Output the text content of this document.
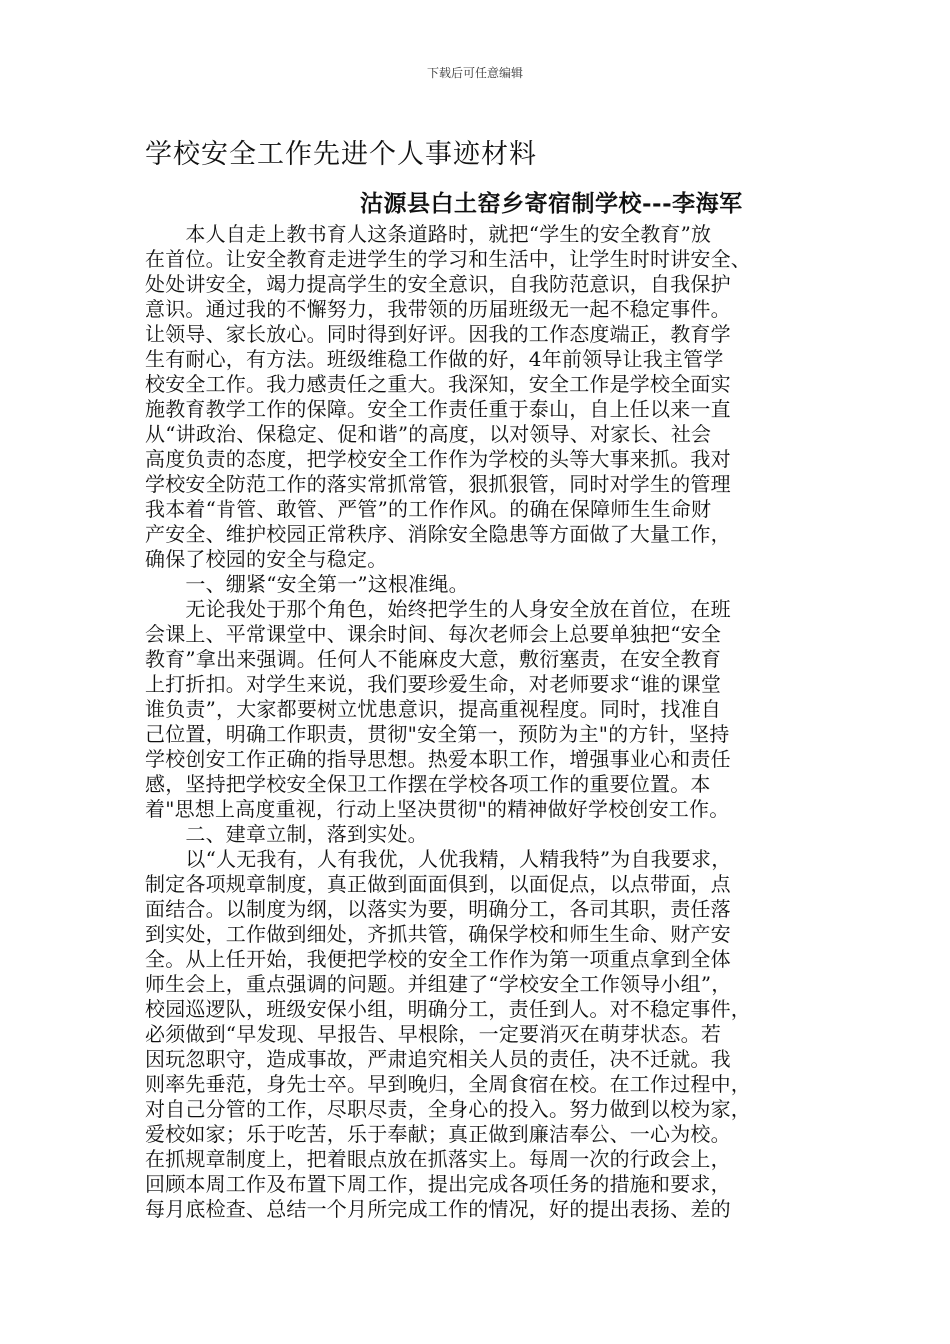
下载后可任意编辑
学校安全工作先进个人事迹材料
沽源县白土窑乡寄宿制学校---李海军
　　本人自走上教书育人这条道路时，就把“学生的安全教育”放
在首位。让安全教育走进学生的学习和生活中，让学生时时讲安全、
处处讲安全，竭力提高学生的安全意识，自我防范意识，自我保护
意识。通过我的不懈努力，我带领的历届班级无一起不稳定事件。
让领导、家长放心。同时得到好评。因我的工作态度端正，教育学
生有耐心，有方法。班级维稳工作做的好，4年前领导让我主管学
校安全工作。我力感责任之重大。我深知，安全工作是学校全面实
施教育教学工作的保障。安全工作责任重于泰山，自上任以来一直
从“讲政治、保稳定、促和谐”的高度，以对领导、对家长、社会
高度负责的态度，把学校安全工作作为学校的头等大事来抓。我对
学校安全防范工作的落实常抓常管，狠抓狠管，同时对学生的管理
我本着“肯管、敢管、严管”的工作作风。的确在保障师生生命财
产安全、维护校园正常秩序、消除安全隐患等方面做了大量工作，
确保了校园的安全与稳定。
　　一、绷紧“安全第一”这根准绳。
　　无论我处于那个角色，始终把学生的人身安全放在首位，在班
会课上、平常课堂中、课余时间、每次老师会上总要单独把“安全
教育”拿出来强调。任何人不能麻皮大意，敷衍塞责，在安全教育
上打折扣。对学生来说，我们要珍爱生命，对老师要求“谁的课堂
谁负责”，大家都要树立忧患意识，提高重视程度。同时，找准自
己位置，明确工作职责，贯彻"安全第一，预防为主"的方针，坚持
学校创安工作正确的指导思想。热爱本职工作，增强事业心和责任
感，坚持把学校安全保卫工作摆在学校各项工作的重要位置。本
着"思想上高度重视，行动上坚决贯彻"的精神做好学校创安工作。
　　二、建章立制，落到实处。
　　以“人无我有，人有我优，人优我精，人精我特”为自我要求，
制定各项规章制度，真正做到面面俱到，以面促点，以点带面，点
面结合。以制度为纲，以落实为要，明确分工，各司其职，责任落
到实处，工作做到细处，齐抓共管，确保学校和师生生命、财产安
全。从上任开始，我便把学校的安全工作作为第一项重点拿到全体
师生会上，重点强调的问题。并组建了“学校安全工作领导小组”，
校园巡逻队，班级安保小组，明确分工，责任到人。对不稳定事件，
必须做到“早发现、早报告、早根除，一定要消灭在萌芽状态。若
因玩忽职守，造成事故，严肃追究相关人员的责任，决不迁就。我
则率先垂范，身先士卒。早到晚归，全周食宿在校。在工作过程中，
对自己分管的工作，尽职尽责，全身心的投入。努力做到以校为家，
爱校如家；乐于吃苦，乐于奉献；真正做到廉洁奉公、一心为校。
在抓规章制度上，把着眼点放在抓落实上。每周一次的行政会上，
回顾本周工作及布置下周工作，提出完成各项任务的措施和要求，
每月底检查、总结一个月所完成工作的情况，好的提出表扬、差的
